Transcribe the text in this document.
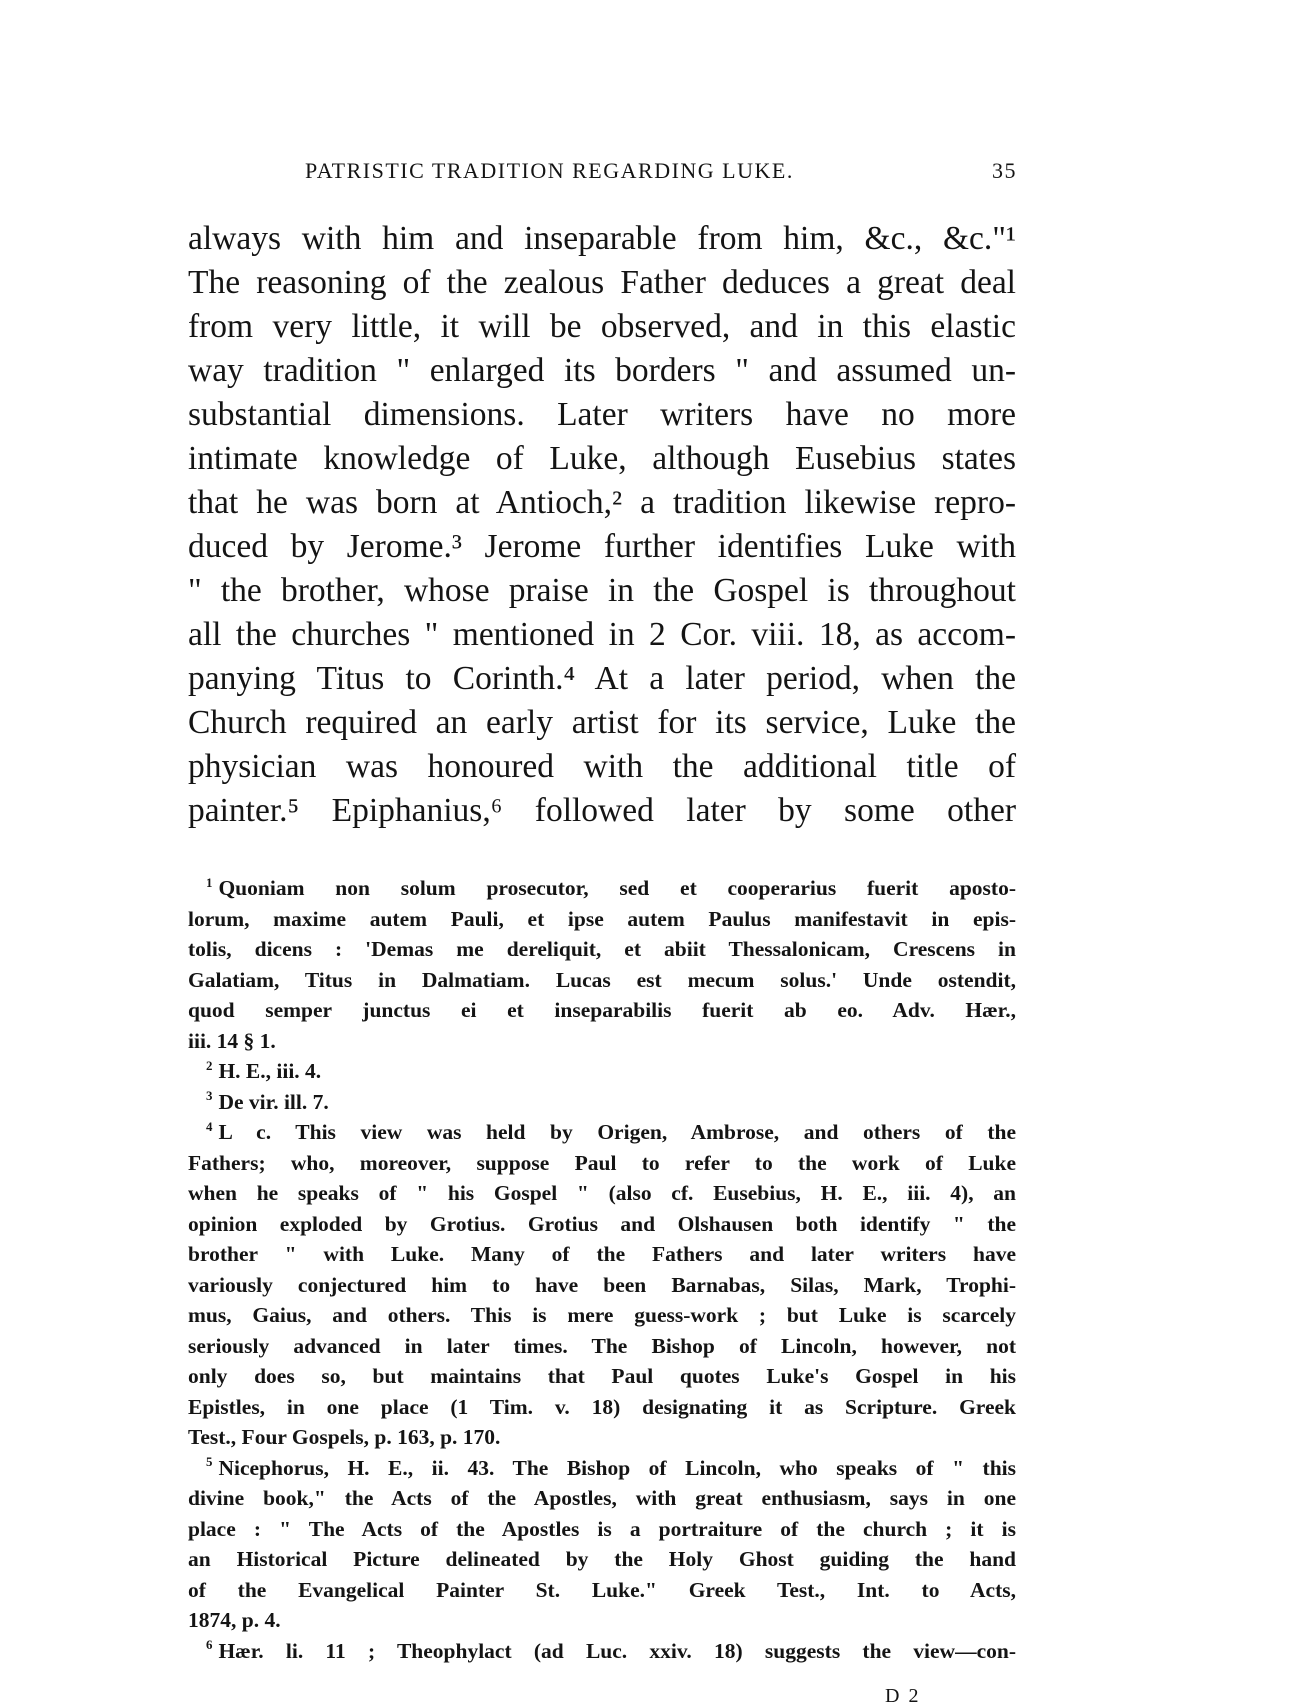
PATRISTIC TRADITION REGARDING LUKE.	35
always with him and inseparable from him, &c., &c."¹
The reasoning of the zealous Father deduces a great deal
from very little, it will be observed, and in this elastic
way tradition " enlarged its borders " and assumed un-
substantial dimensions. Later writers have no more
intimate knowledge of Luke, although Eusebius states
that he was born at Antioch,² a tradition likewise repro-
duced by Jerome.³ Jerome further identifies Luke with
" the brother, whose praise in the Gospel is throughout
all the churches " mentioned in 2 Cor. viii. 18, as accom-
panying Titus to Corinth.⁴ At a later period, when the
Church required an early artist for its service, Luke the
physician was honoured with the additional title of
painter.⁵ Epiphanius,⁶ followed later by some other
$^1$ Quoniam non solum prosecutor, sed et cooperarius fuerit aposto-
lorum, maxime autem Pauli, et ipse autem Paulus manifestavit in epis-
tolis, dicens : 'Demas me dereliquit, et abiit Thessalonicam, Crescens in
Galatiam, Titus in Dalmatiam. Lucas est mecum solus.' Unde ostendit,
quod semper junctus ei et inseparabilis fuerit ab eo. Adv. Hær.,
iii. 14 § 1.
$^2$ H. E., iii. 4.
$^3$ De vir. ill. 7.
$^4$ L c. This view was held by Origen, Ambrose, and others of the
Fathers; who, moreover, suppose Paul to refer to the work of Luke
when he speaks of " his Gospel " (also cf. Eusebius, H. E., iii. 4), an
opinion exploded by Grotius. Grotius and Olshausen both identify " the
brother " with Luke. Many of the Fathers and later writers have
variously conjectured him to have been Barnabas, Silas, Mark, Trophi-
mus, Gaius, and others. This is mere guess-work ; but Luke is scarcely
seriously advanced in later times. The Bishop of Lincoln, however, not
only does so, but maintains that Paul quotes Luke's Gospel in his
Epistles, in one place (1 Tim. v. 18) designating it as Scripture. Greek
Test., Four Gospels, p. 163, p. 170.
$^5$ Nicephorus, H. E., ii. 43. The Bishop of Lincoln, who speaks of " this
divine book," the Acts of the Apostles, with great enthusiasm, says in one
place : " The Acts of the Apostles is a portraiture of the church ; it is
an Historical Picture delineated by the Holy Ghost guiding the hand
of the Evangelical Painter St. Luke." Greek Test., Int. to Acts,
1874, p. 4.
$^6$ Hær. li. 11 ; Theophylact (ad Luc. xxiv. 18) suggests the view—con-
D 2
